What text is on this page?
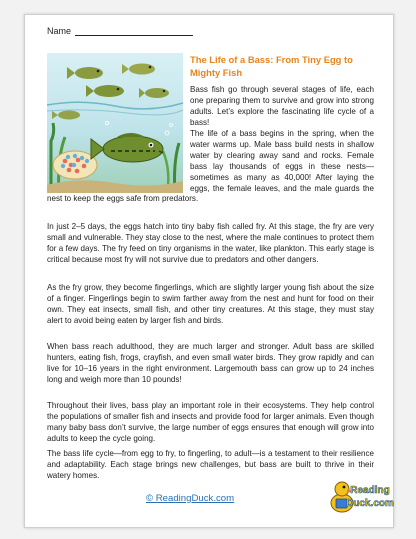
Name
The Life of a Bass: From Tiny Egg to Mighty Fish

Bass fish go through several stages of life, each one preparing them to survive and grow into strong adults. Let’s explore the fascinating life cycle of a bass!

The life of a bass begins in the spring, when the water warms up. Male bass build nests in shallow water by clearing away sand and rocks. Female bass lay thousands of eggs in these nests—sometimes as many as 40,000! After laying the eggs, the female leaves, and the male guards the nest to keep the eggs safe from predators.

In just 2–5 days, the eggs hatch into tiny baby fish called fry. At this stage, the fry are very small and vulnerable. They stay close to the nest, where the male continues to protect them for a few days. The fry feed on tiny organisms in the water, like plankton. This early stage is critical because most fry will not survive due to predators and other dangers.

As the fry grow, they become fingerlings, which are slightly larger young fish about the size of a finger. Fingerlings begin to swim farther away from the nest and hunt for food on their own. They eat insects, small fish, and other tiny creatures. At this stage, they must stay alert to avoid being eaten by larger fish and birds.

When bass reach adulthood, they are much larger and stronger. Adult bass are skilled hunters, eating fish, frogs, crayfish, and even small water birds. They grow rapidly and can live for 10–16 years in the right environment. Largemouth bass can grow up to 24 inches long and weigh more than 10 pounds!

Throughout their lives, bass play an important role in their ecosystems. They help control the populations of smaller fish and insects and provide food for larger animals. Even though many baby bass don’t survive, the large number of eggs ensures that enough will grow into adults to keep the cycle going.

The bass life cycle—from egg to fry, to fingerling, to adult—is a testament to their resilience and adaptability. Each stage brings new challenges, but bass are built to thrive in their watery homes.

© ReadingDuck.com
Reading
Duck.com
